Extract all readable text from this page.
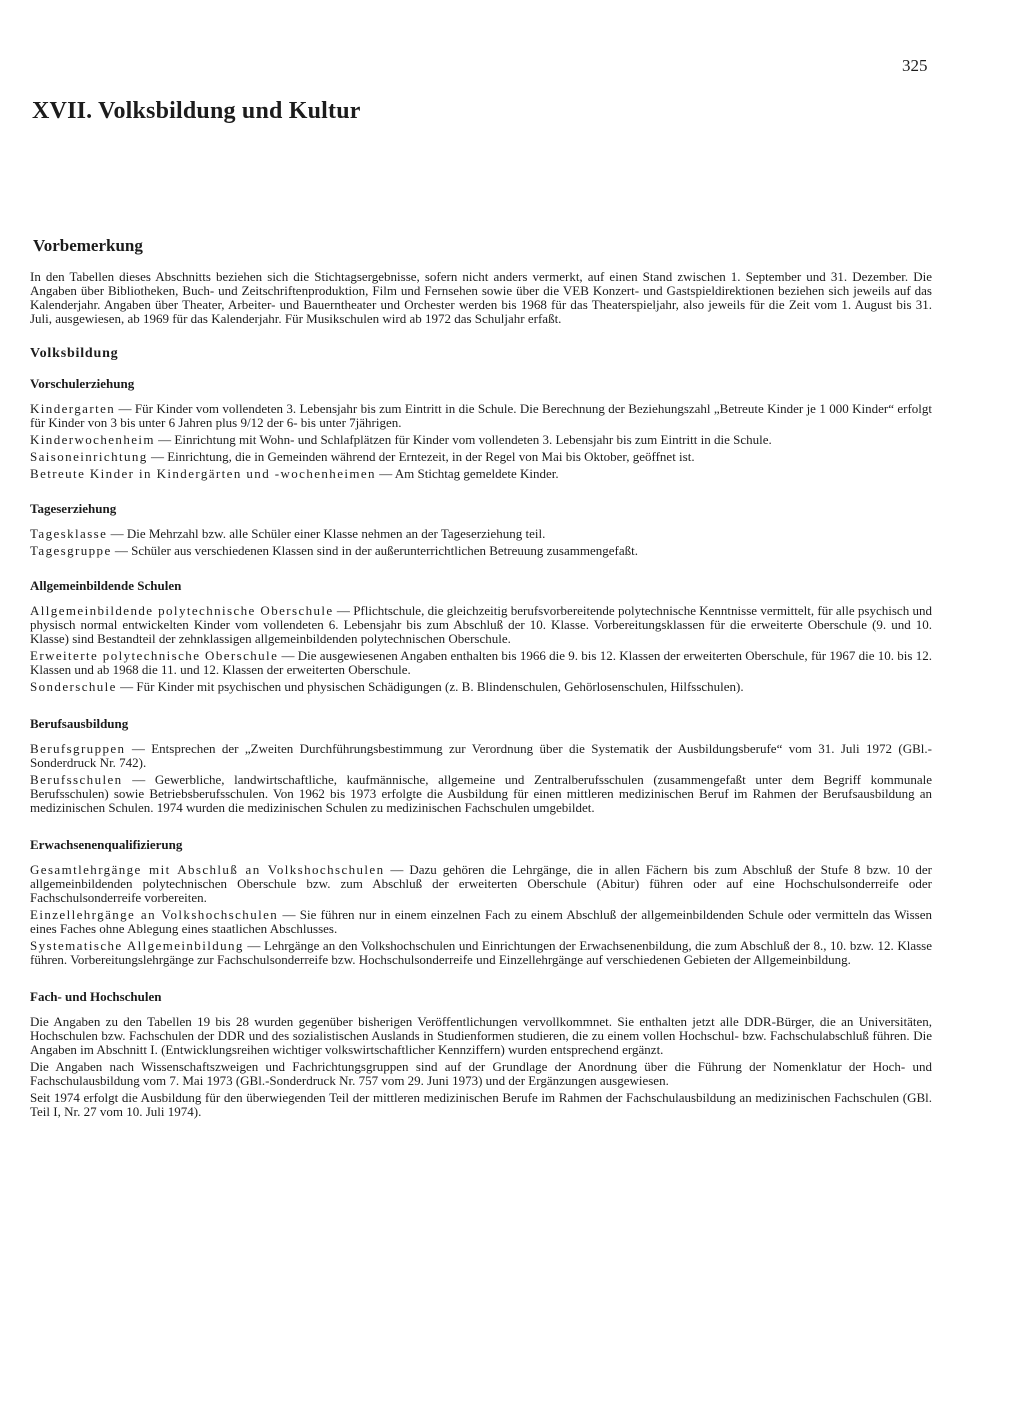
325
XVII. Volksbildung und Kultur
Vorbemerkung

In den Tabellen dieses Abschnitts beziehen sich die Stichtagsergebnisse, sofern nicht anders vermerkt, auf einen Stand zwischen 1. September und 31. Dezember. Die Angaben über Bibliotheken, Buch- und Zeitschriftenproduktion, Film und Fernsehen sowie über die VEB Konzert- und Gastspieldirektionen beziehen sich jeweils auf das Kalenderjahr. Angaben über Theater, Arbeiter- und Bauerntheater und Orchester werden bis 1968 für das Theaterspieljahr, also jeweils für die Zeit vom 1. August bis 31. Juli, ausgewiesen, ab 1969 für das Kalenderjahr. Für Musikschulen wird ab 1972 das Schuljahr erfaßt.

Volksbildung
Vorschulerziehung

Kindergarten — Für Kinder vom vollendeten 3. Lebensjahr bis zum Eintritt in die Schule. Die Berechnung der Beziehungszahl „Betreute Kinder je 1 000 Kinder“ erfolgt für Kinder von 3 bis unter 6 Jahren plus 9/12 der 6- bis unter 7jährigen.

Kinderwochenheim — Einrichtung mit Wohn- und Schlafplätzen für Kinder vom vollendeten 3. Lebensjahr bis zum Eintritt in die Schule.

Saisoneinrichtung — Einrichtung, die in Gemeinden während der Erntezeit, in der Regel von Mai bis Oktober, geöffnet ist.

Betreute Kinder in Kindergärten und -wochenheimen — Am Stichtag gemeldete Kinder.

Tageserziehung

Tagesklasse — Die Mehrzahl bzw. alle Schüler einer Klasse nehmen an der Tageserziehung teil.

Tagesgruppe — Schüler aus verschiedenen Klassen sind in der außerunterrichtlichen Betreuung zusammengefaßt.

Allgemeinbildende Schulen

Allgemeinbildende polytechnische Oberschule — Pflichtschule, die gleichzeitig berufsvorbereitende polytechnische Kenntnisse vermittelt, für alle psychisch und physisch normal entwickelten Kinder vom vollendeten 6. Lebensjahr bis zum Abschluß der 10. Klasse. Vorbereitungsklassen für die erweiterte Oberschule (9. und 10. Klasse) sind Bestandteil der zehnklassigen allgemeinbildenden polytechnischen Oberschule.

Erweiterte polytechnische Oberschule — Die ausgewiesenen Angaben enthalten bis 1966 die 9. bis 12. Klassen der erweiterten Oberschule, für 1967 die 10. bis 12. Klassen und ab 1968 die 11. und 12. Klassen der erweiterten Oberschule.

Sonderschule — Für Kinder mit psychischen und physischen Schädigungen (z. B. Blindenschulen, Gehörlosenschulen, Hilfsschulen).

Berufsausbildung

Berufsgruppen — Entsprechen der „Zweiten Durchführungsbestimmung zur Verordnung über die Systematik der Ausbildungsberufe“ vom 31. Juli 1972 (GBl.-Sonderdruck Nr. 742).

Berufsschulen — Gewerbliche, landwirtschaftliche, kaufmännische, allgemeine und Zentralberufsschulen (zusammengefaßt unter dem Begriff kommunale Berufsschulen) sowie Betriebsberufsschulen. Von 1962 bis 1973 erfolgte die Ausbildung für einen mittleren medizinischen Beruf im Rahmen der Berufsausbildung an medizinischen Schulen. 1974 wurden die medizinischen Schulen zu medizinischen Fachschulen umgebildet.

Erwachsenenqualifizierung

Gesamtlehrgänge mit Abschluß an Volkshochschulen — Dazu gehören die Lehrgänge, die in allen Fächern bis zum Abschluß der Stufe 8 bzw. 10 der allgemeinbildenden polytechnischen Oberschule bzw. zum Abschluß der erweiterten Oberschule (Abitur) führen oder auf eine Hochschulsonderreife oder Fachschulsonderreife vorbereiten.

Einzellehrgänge an Volkshochschulen — Sie führen nur in einem einzelnen Fach zu einem Abschluß der allgemeinbildenden Schule oder vermitteln das Wissen eines Faches ohne Ablegung eines staatlichen Abschlusses.

Systematische Allgemeinbildung — Lehrgänge an den Volkshochschulen und Einrichtungen der Erwachsenenbildung, die zum Abschluß der 8., 10. bzw. 12. Klasse führen. Vorbereitungslehrgänge zur Fachschulsonderreife bzw. Hochschulsonderreife und Einzellehrgänge auf verschiedenen Gebieten der Allgemeinbildung.

Fach- und Hochschulen

Die Angaben zu den Tabellen 19 bis 28 wurden gegenüber bisherigen Veröffentlichungen vervollkommnet. Sie enthalten jetzt alle DDR-Bürger, die an Universitäten, Hochschulen bzw. Fachschulen der DDR und des sozialistischen Auslands in Studienformen studieren, die zu einem vollen Hochschul- bzw. Fachschulabschluß führen. Die Angaben im Abschnitt I. (Entwicklungsreihen wichtiger volkswirtschaftlicher Kennziffern) wurden entsprechend ergänzt.

Die Angaben nach Wissenschaftszweigen und Fachrichtungsgruppen sind auf der Grundlage der Anordnung über die Führung der Nomenklatur der Hoch- und Fachschulausbildung vom 7. Mai 1973 (GBl.-Sonderdruck Nr. 757 vom 29. Juni 1973) und der Ergänzungen ausgewiesen.

Seit 1974 erfolgt die Ausbildung für den überwiegenden Teil der mittleren medizinischen Berufe im Rahmen der Fachschulausbildung an medizinischen Fachschulen (GBl. Teil I, Nr. 27 vom 10. Juli 1974).
